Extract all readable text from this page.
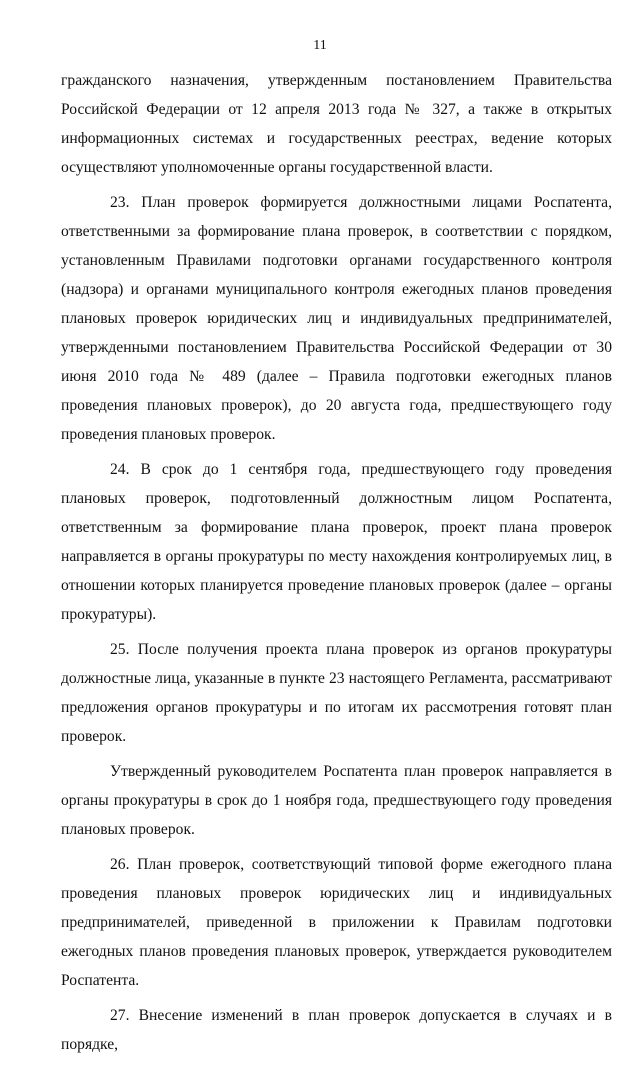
11

гражданского назначения, утвержденным постановлением Правительства Российской Федерации от 12 апреля 2013 года № 327, а также в открытых информационных системах и государственных реестрах, ведение которых осуществляют уполномоченные органы государственной власти.

23. План проверок формируется должностными лицами Роспатента, ответственными за формирование плана проверок, в соответствии с порядком, установленным Правилами подготовки органами государственного контроля (надзора) и органами муниципального контроля ежегодных планов проведения плановых проверок юридических лиц и индивидуальных предпринимателей, утвержденными постановлением Правительства Российской Федерации от 30 июня 2010 года № 489 (далее – Правила подготовки ежегодных планов проведения плановых проверок), до 20 августа года, предшествующего году проведения плановых проверок.

24. В срок до 1 сентября года, предшествующего году проведения плановых проверок, подготовленный должностным лицом Роспатента, ответственным за формирование плана проверок, проект плана проверок направляется в органы прокуратуры по месту нахождения контролируемых лиц, в отношении которых планируется проведение плановых проверок (далее – органы прокуратуры).

25. После получения проекта плана проверок из органов прокуратуры должностные лица, указанные в пункте 23 настоящего Регламента, рассматривают предложения органов прокуратуры и по итогам их рассмотрения готовят план проверок.

Утвержденный руководителем Роспатента план проверок направляется в органы прокуратуры в срок до 1 ноября года, предшествующего году проведения плановых проверок.

26. План проверок, соответствующий типовой форме ежегодного плана проведения плановых проверок юридических лиц и индивидуальных предпринимателей, приведенной в приложении к Правилам подготовки ежегодных планов проведения плановых проверок, утверждается руководителем Роспатента.

27. Внесение изменений в план проверок допускается в случаях и в порядке,
